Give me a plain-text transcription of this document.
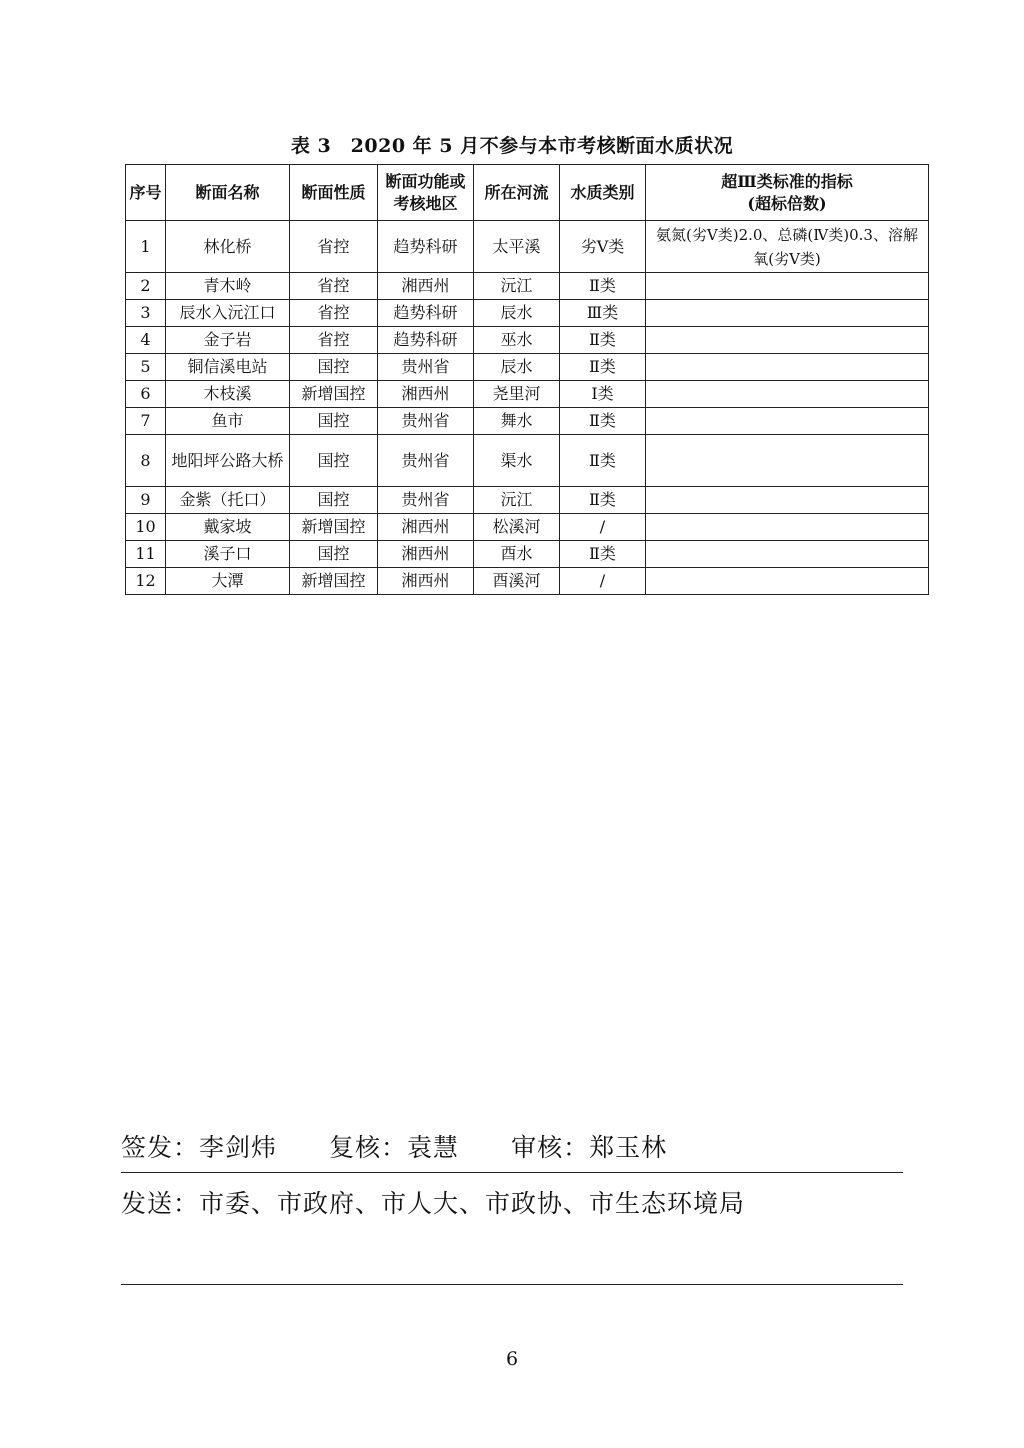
表 3　2020 年 5 月不参与本市考核断面水质状况
序号	断面名称	断面性质	断面功能或考核地区	所在河流	水质类别	超Ⅲ类标准的指标
(超标倍数)

1	林化桥	省控	趋势科研	太平溪	劣Ⅴ类	氨氮(劣Ⅴ类)2.0、总磷(Ⅳ类)0.3、溶解氧(劣Ⅴ类)
2	青木岭	省控	湘西州	沅江	Ⅱ类	
3	辰水入沅江口	省控	趋势科研	辰水	Ⅲ类	
4	金子岩	省控	趋势科研	巫水	Ⅱ类	
5	铜信溪电站	国控	贵州省	辰水	Ⅱ类	
6	木枝溪	新增国控	湘西州	尧里河	Ⅰ类	
7	鱼市	国控	贵州省	舞水	Ⅱ类	
8	地阳坪公路大桥	国控	贵州省	渠水	Ⅱ类	
9	金紫（托口）	国控	贵州省	沅江	Ⅱ类	
10	戴家坡	新增国控	湘西州	松溪河	/	
11	溪子口	国控	湘西州	酉水	Ⅱ类	
12	大潭	新增国控	湘西州	酉溪河	/	
签发：李剑炜 复核：袁慧 审核：郑玉林
发送：市委、市政府、市人大、市政协、市生态环境局
6
